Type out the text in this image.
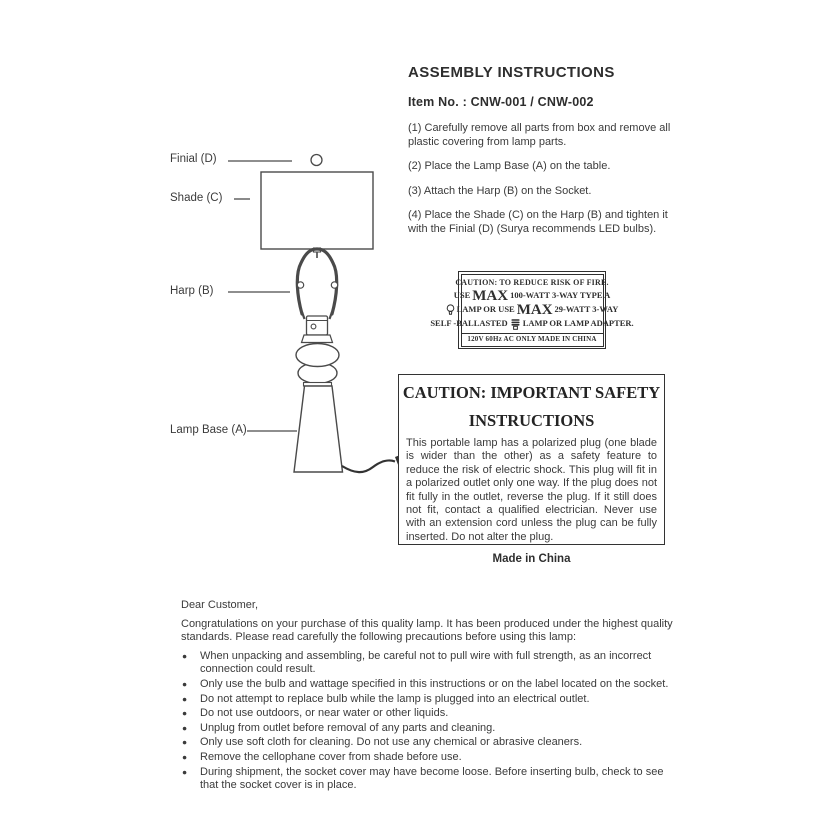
Finial (D)
Shade (C)
Harp (B)
Lamp Base (A)
ASSEMBLY INSTRUCTIONS
Item No. : CNW-001 / CNW-002

(1) Carefully remove all parts from box and remove all plastic covering from lamp parts.

(2) Place the Lamp Base (A) on the table.

(3) Attach the Harp (B) on the Socket.

(4) Place the Shade (C) on the Harp (B) and tighten it with the Finial (D) (Surya recommends LED bulbs).

CAUTION: TO REDUCE RISK OF FIRE.
USE MAX 100-WATT 3-WAY TYPE A
LAMP OR USE MAX 29-WATT 3-WAY
SELF -BALLASTED LAMP OR LAMP ADAPTER.
120V 60Hz AC ONLY MADE IN CHINA
CAUTION: IMPORTANT SAFETY
INSTRUCTIONS
This portable lamp has a polarized plug (one blade is wider than the other) as a safety feature to reduce the risk of electric shock. This plug will fit in a polarized outlet only one way. If the plug does not fit fully in the outlet, reverse the plug. If it still does not fit, contact a qualified electrician. Never use with an extension cord unless the plug can be fully inserted. Do not alter the plug.
Made in China

Dear Customer,

Congratulations on your purchase of this quality lamp. It has been produced under the highest quality standards. Please read carefully the following precautions before using this lamp:

● When unpacking and assembling, be careful not to pull wire with full strength, as an incorrect connection could result.
● Only use the bulb and wattage specified in this instructions or on the label located on the socket.
● Do not attempt to replace bulb while the lamp is plugged into an electrical outlet.
● Do not use outdoors, or near water or other liquids.
● Unplug from outlet before removal of any parts and cleaning.
● Only use soft cloth for cleaning. Do not use any chemical or abrasive cleaners.
● Remove the cellophane cover from shade before use.
● During shipment, the socket cover may have become loose. Before inserting bulb, check to see that the socket cover is in place.
